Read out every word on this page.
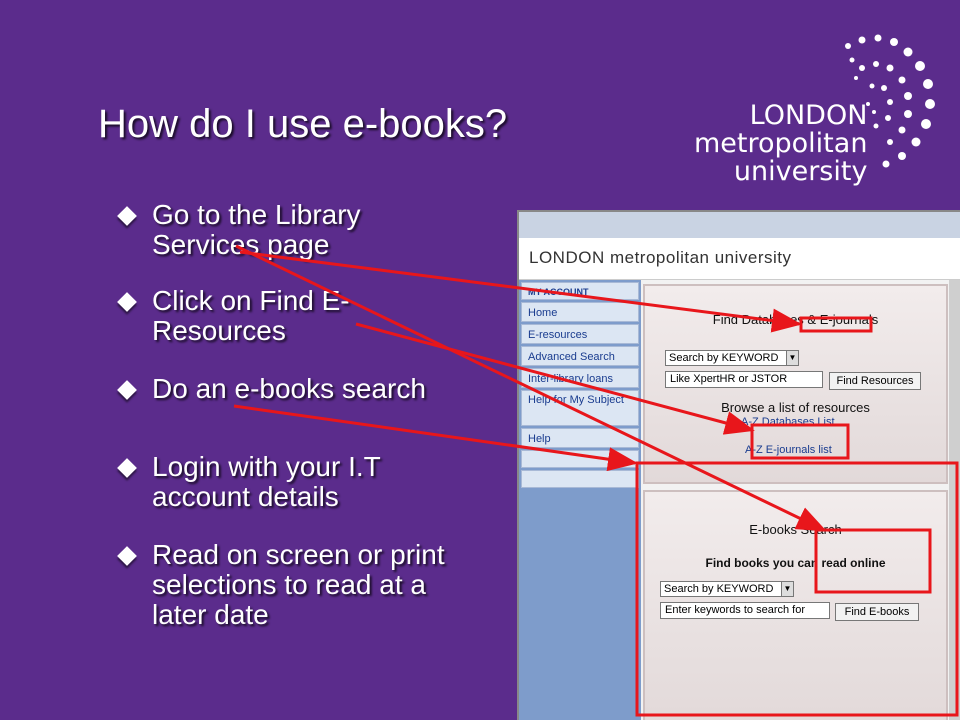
How do I use e-books?
Go to the Library
Services page
Click on Find E-
Resources
Do an e-books search
Login with your I.T
account details
Read on screen or print
selections to read at a
later date
LONDON
metropolitan
university
LONDON metropolitan university
MY ACCOUNT
Home
E-resources
Advanced Search
Inter-library loans
Help for My Subject
Help
Find Databases & E-journals
Search by KEYWORD	▼
Like XpertHR or JSTOR	Find Resources
Browse a list of resources
A-Z Databases List
A-Z E-journals list
E-books Search
Find books you can read online
Search by KEYWORD	▼
Enter keywords to search for	Find E-books
